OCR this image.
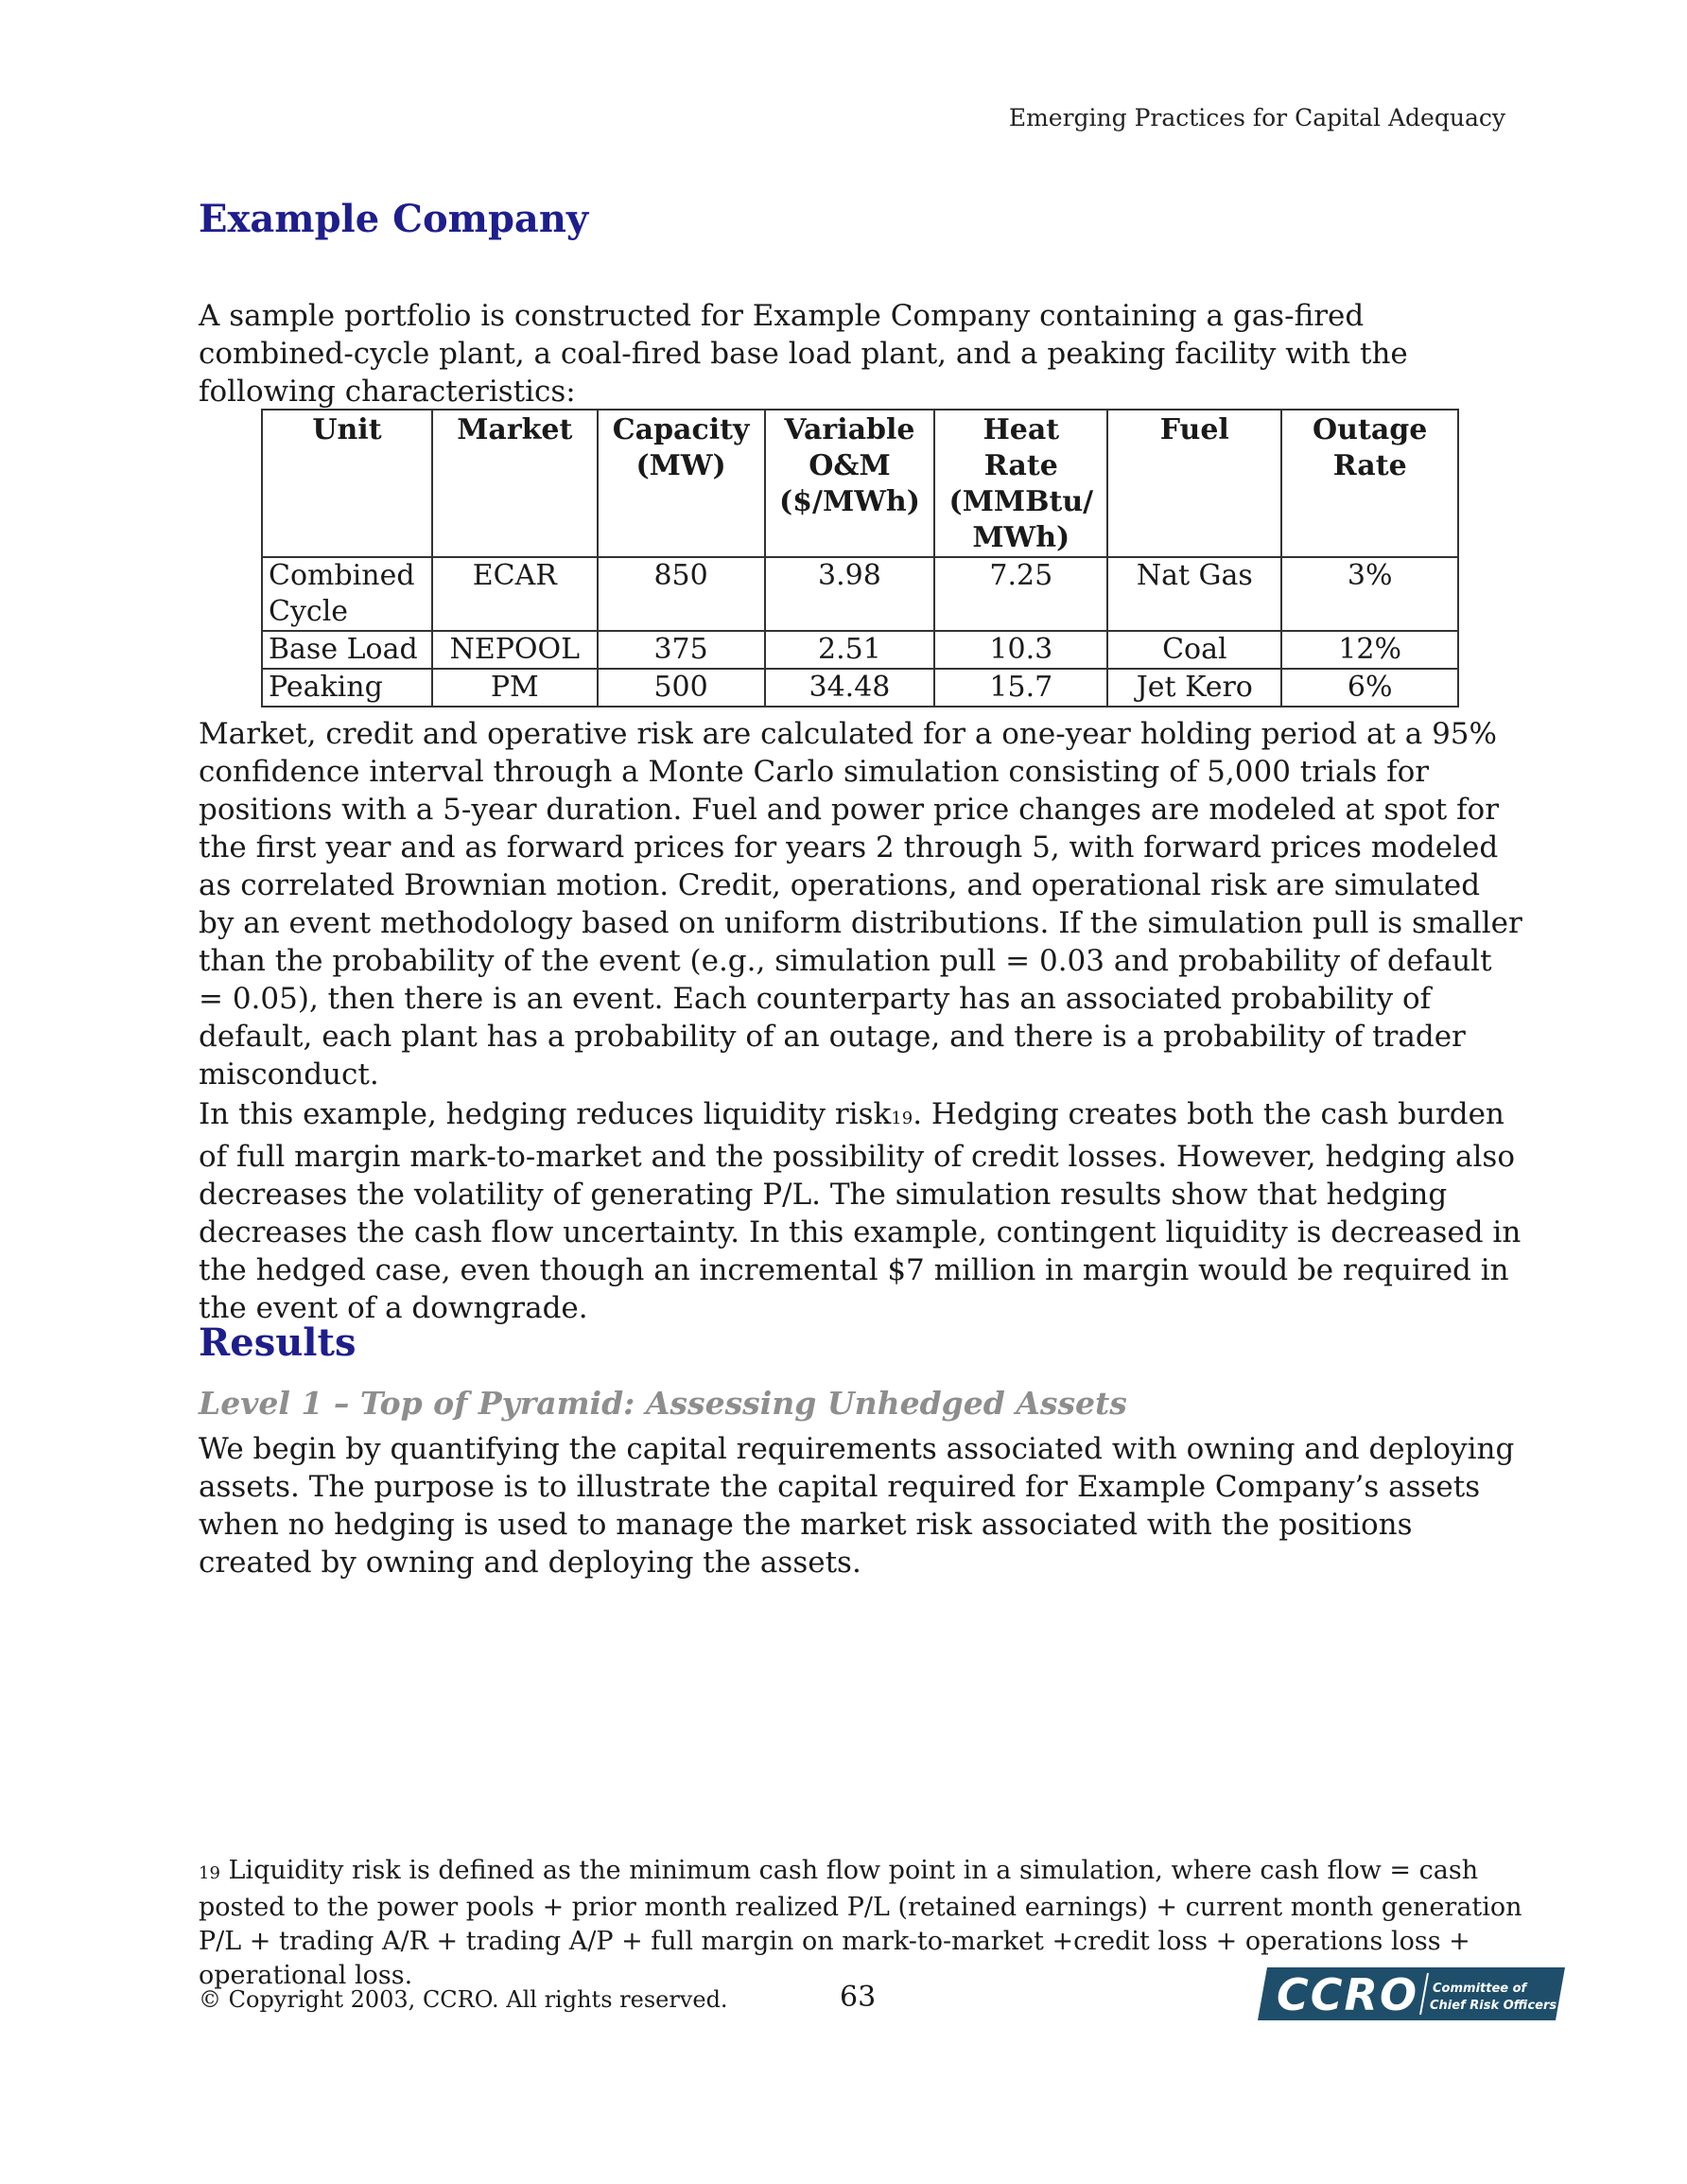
Emerging Practices for Capital Adequacy
Example Company

A sample portfolio is constructed for Example Company containing a gas-fired combined-cycle plant, a coal-fired base load plant, and a peaking facility with the following characteristics:

Unit	Market	Capacity (MW)	Variable O&M ($/MWh)	Heat Rate (MMBtu/ MWh)	Fuel	Outage Rate
Combined Cycle	ECAR	850	3.98	7.25	Nat Gas	3%
Base Load	NEPOOL	375	2.51	10.3	Coal	12%
Peaking	PM	500	34.48	15.7	Jet Kero	6%

Market, credit and operative risk are calculated for a one-year holding period at a 95% confidence interval through a Monte Carlo simulation consisting of 5,000 trials for positions with a 5-year duration. Fuel and power price changes are modeled at spot for the first year and as forward prices for years 2 through 5, with forward prices modeled as correlated Brownian motion. Credit, operations, and operational risk are simulated by an event methodology based on uniform distributions. If the simulation pull is smaller than the probability of the event (e.g., simulation pull = 0.03 and probability of default = 0.05), then there is an event. Each counterparty has an associated probability of default, each plant has a probability of an outage, and there is a probability of trader misconduct.

In this example, hedging reduces liquidity risk19. Hedging creates both the cash burden of full margin mark-to-market and the possibility of credit losses. However, hedging also decreases the volatility of generating P/L. The simulation results show that hedging decreases the cash flow uncertainty. In this example, contingent liquidity is decreased in the hedged case, even though an incremental $7 million in margin would be required in the event of a downgrade.

Results
Level 1 – Top of Pyramid: Assessing Unhedged Assets

We begin by quantifying the capital requirements associated with owning and deploying assets. The purpose is to illustrate the capital required for Example Company’s assets when no hedging is used to manage the market risk associated with the positions created by owning and deploying the assets.

19 Liquidity risk is defined as the minimum cash flow point in a simulation, where cash flow = cash posted to the power pools + prior month realized P/L (retained earnings) + current month generation P/L + trading A/R + trading A/P + full margin on mark-to-market +credit loss + operations loss + operational loss.

© Copyright 2003, CCRO. All rights reserved.	63	CCRO Committee of
Chief Risk Officers
